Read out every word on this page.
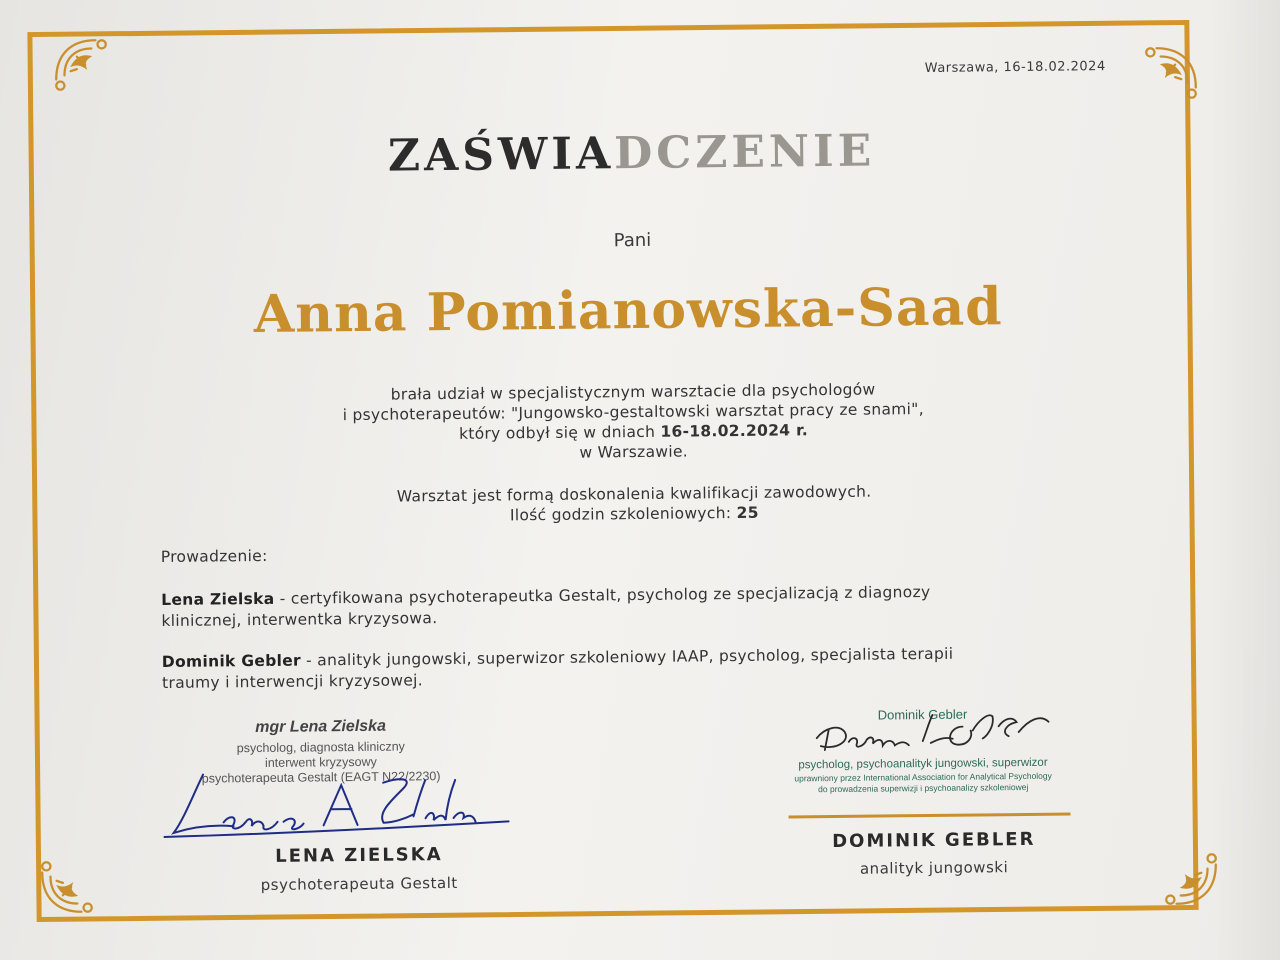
Warszawa, 16-18.02.2024
ZAŚWIADCZENIE
Pani
Anna Pomianowska-Saad

brała udział w specjalistycznym warsztacie dla psychologów

i psychoterapeutów: "Jungowsko-gestaltowski warsztat pracy ze snami",

który odbył się w dniach 16-18.02.2024 r.

w Warszawie.

Warsztat jest formą doskonalenia kwalifikacji zawodowych.

Ilość godzin szkoleniowych: 25

Prowadzenie:

Lena Zielska - certyfikowana psychoterapeutka Gestalt, psycholog ze specjalizacją z diagnozy

klinicznej, interwentka kryzysowa.

Dominik Gebler - analityk jungowski, superwizor szkoleniowy IAAP, psycholog, specjalista terapii

traumy i interwencji kryzysowej.

mgr Lena Zielska
psycholog, diagnosta kliniczny
interwent kryzysowy
psychoterapeuta Gestalt (EAGT N22/2230)
LENA ZIELSKA
psychoterapeuta Gestalt
Dominik Gebler
psycholog, psychoanalityk jungowski, superwizor
uprawniony przez International Association for Analytical Psychology
do prowadzenia superwizji i psychoanalizy szkoleniowej
DOMINIK GEBLER
analityk jungowski
